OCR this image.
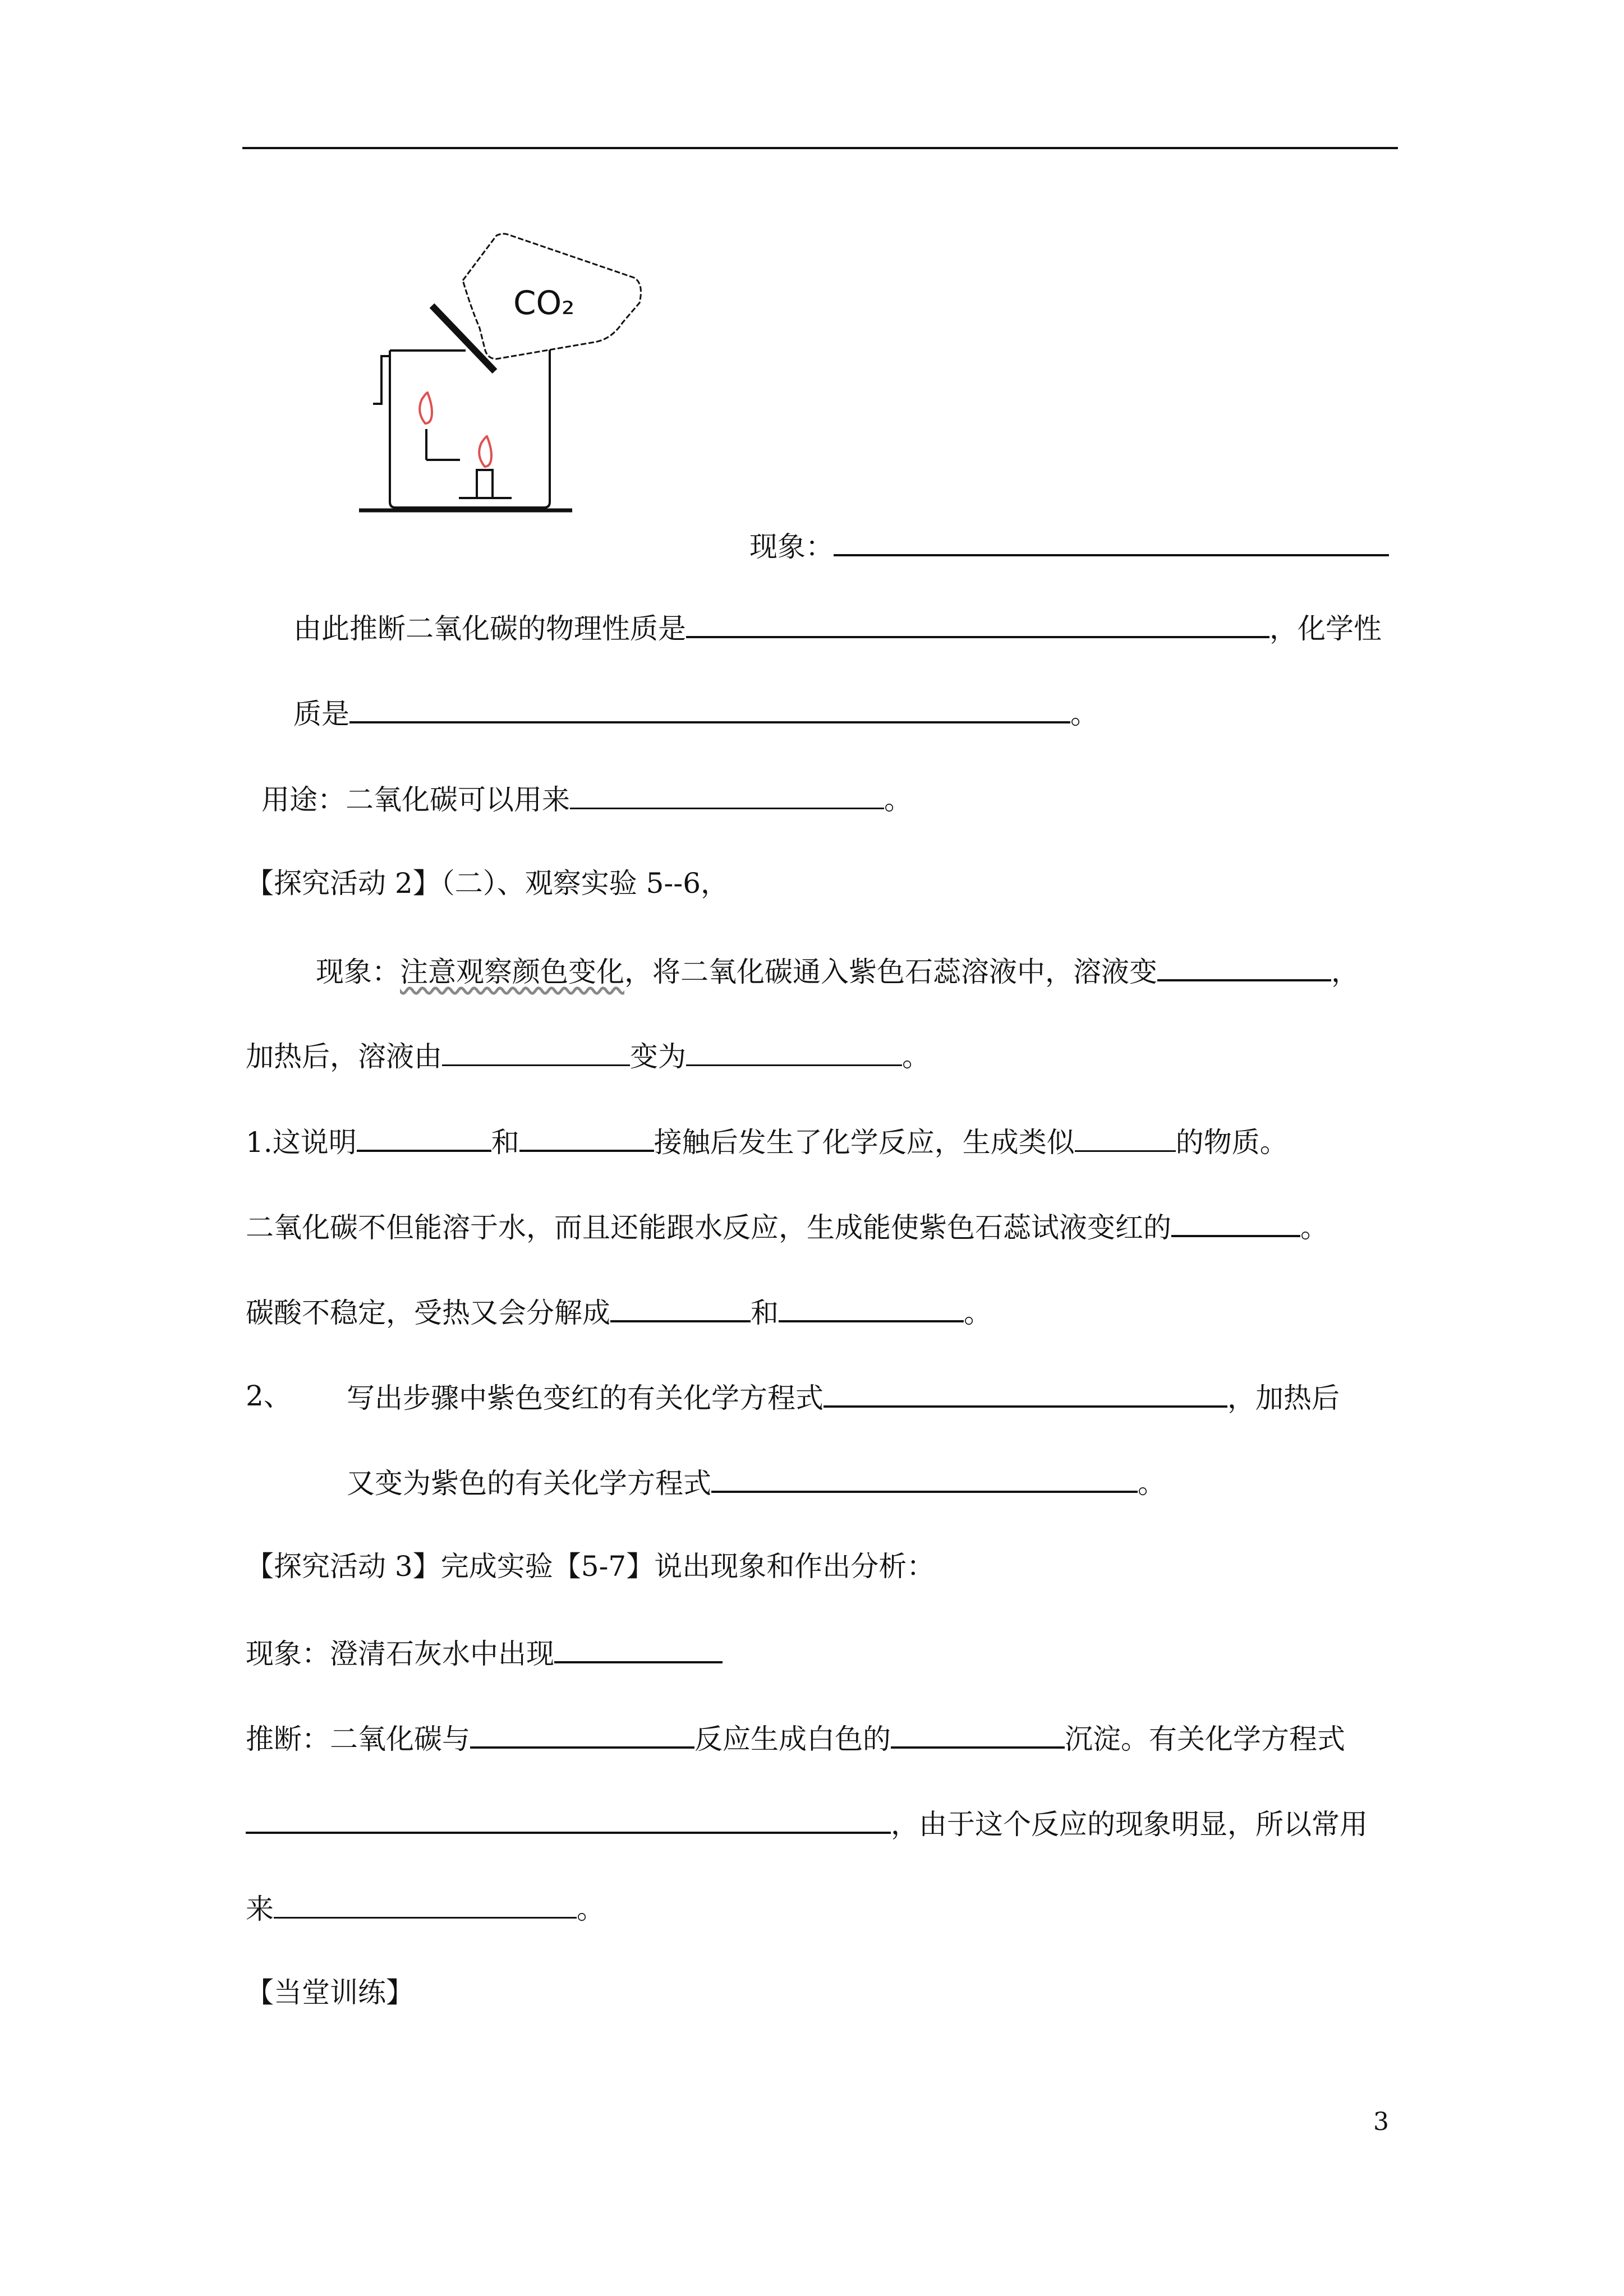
CO₂
现象：
由此推断二氧化碳的物理性质是	，化学性
质是	。
用途：二氧化碳可以用来	。
【探究活动 2】（二）、观察实验 5--6，
现象：注意观察颜色变化，将二氧化碳通入紫色石蕊溶液中，溶液变	，
加热后，溶液由	变为	。
1.这说明	和	接触后发生了化学反应，生成类似	的物质。
二氧化碳不但能溶于水，而且还能跟水反应，生成能使紫色石蕊试液变红的	。
碳酸不稳定，受热又会分解成	和	。
2、 写出步骤中紫色变红的有关化学方程式	，加热后
又变为紫色的有关化学方程式	。
【探究活动 3】完成实验【5-7】说出现象和作出分析：
现象：澄清石灰水中出现
推断：二氧化碳与	反应生成白色的	沉淀。有关化学方程式
，由于这个反应的现象明显，所以常用
来	。
【当堂训练】
3
